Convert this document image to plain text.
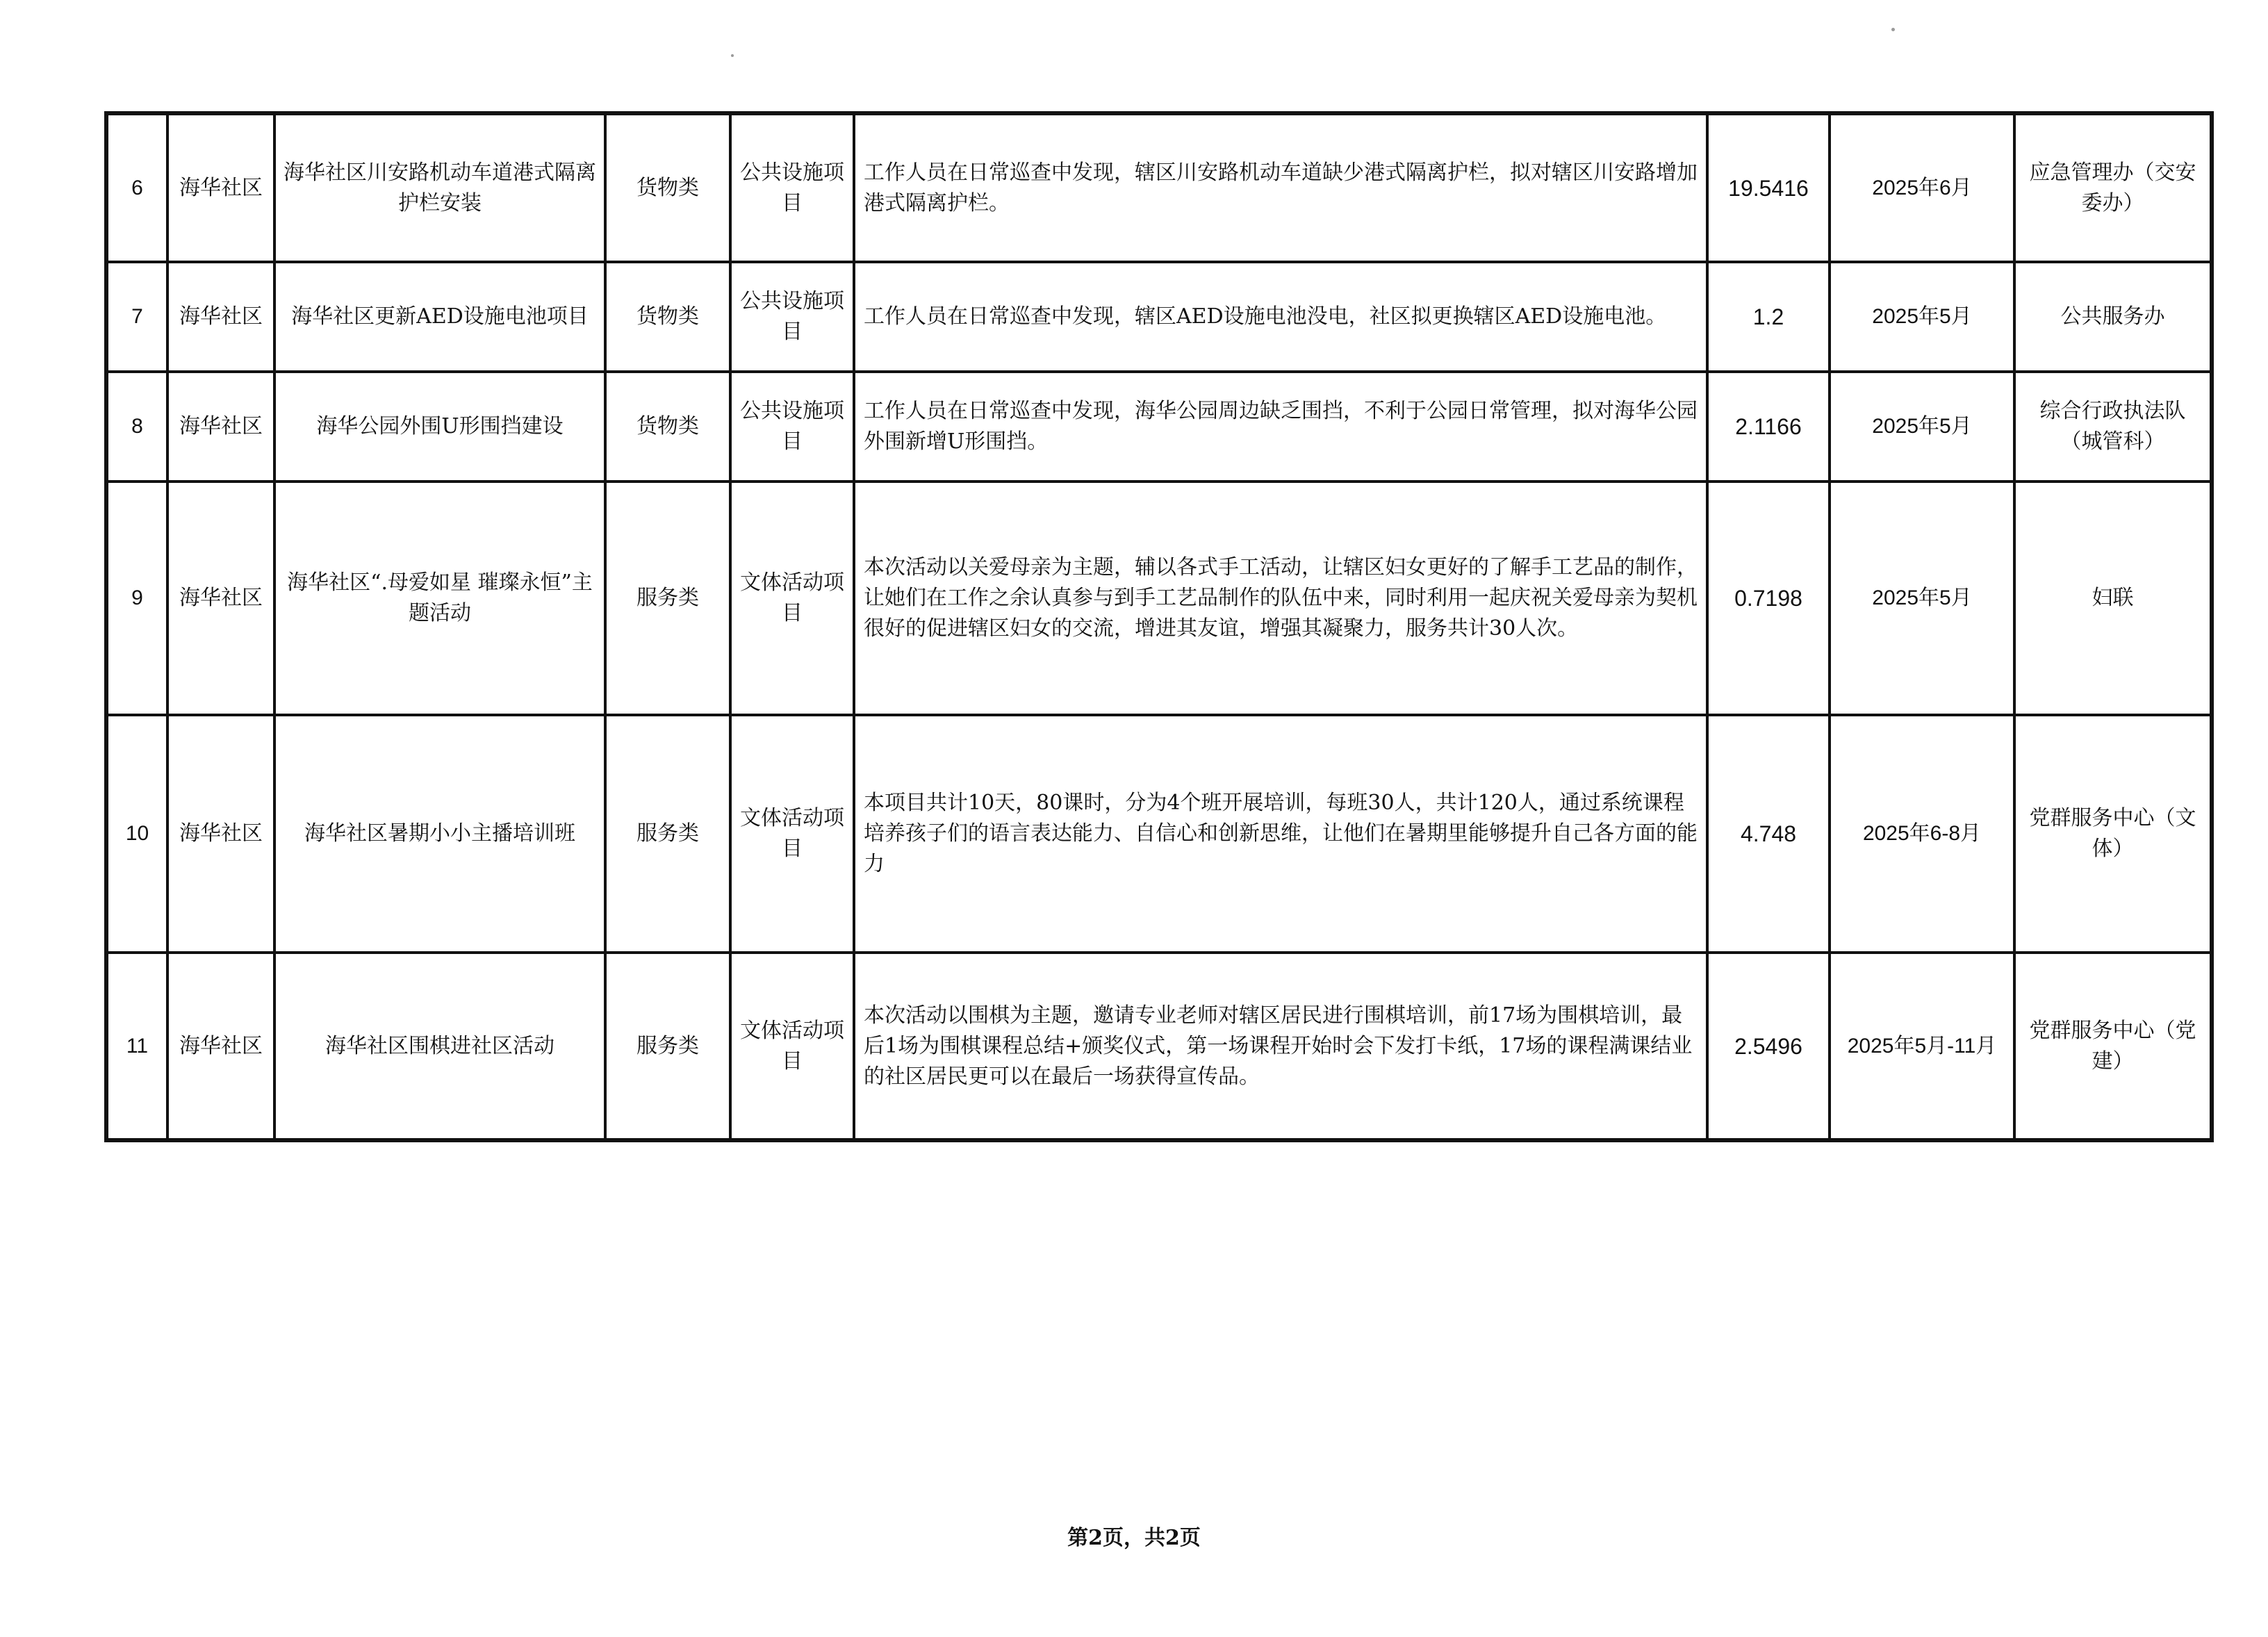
6	海华社区	海华社区川安路机动车道港式隔离护栏安装	货物类	公共设施项目	工作人员在日常巡查中发现，辖区川安路机动车道缺少港式隔离护栏，拟对辖区川安路增加港式隔离护栏。	19.5416	2025年6月	应急管理办（交安委办）
7	海华社区	海华社区更新AED设施电池项目	货物类	公共设施项目	工作人员在日常巡查中发现，辖区AED设施电池没电，社区拟更换辖区AED设施电池。	1.2	2025年5月	公共服务办
8	海华社区	海华公园外围U形围挡建设	货物类	公共设施项目	工作人员在日常巡查中发现，海华公园周边缺乏围挡，不利于公园日常管理，拟对海华公园外围新增U形围挡。	2.1166	2025年5月	综合行政执法队（城管科）
9	海华社区	海华社区“.母爱如星 璀璨永恒”主题活动	服务类	文体活动项目	本次活动以关爱母亲为主题，辅以各式手工活动，让辖区妇女更好的了解手工艺品的制作，让她们在工作之余认真参与到手工艺品制作的队伍中来，同时利用一起庆祝关爱母亲为契机很好的促进辖区妇女的交流，增进其友谊，增强其凝聚力，服务共计30人次。	0.7198	2025年5月	妇联
10	海华社区	海华社区暑期小小主播培训班	服务类	文体活动项目	本项目共计10天，80课时，分为4个班开展培训，每班30人，共计120人，通过系统课程培养孩子们的语言表达能力、自信心和创新思维，让他们在暑期里能够提升自己各方面的能力	4.748	2025年6-8月	党群服务中心（文体）
11	海华社区	海华社区围棋进社区活动	服务类	文体活动项目	本次活动以围棋为主题，邀请专业老师对辖区居民进行围棋培训，前17场为围棋培训，最后1场为围棋课程总结+颁奖仪式，第一场课程开始时会下发打卡纸，17场的课程满课结业的社区居民更可以在最后一场获得宣传品。	2.5496	2025年5月-11月	党群服务中心（党建）
第2页，共2页
